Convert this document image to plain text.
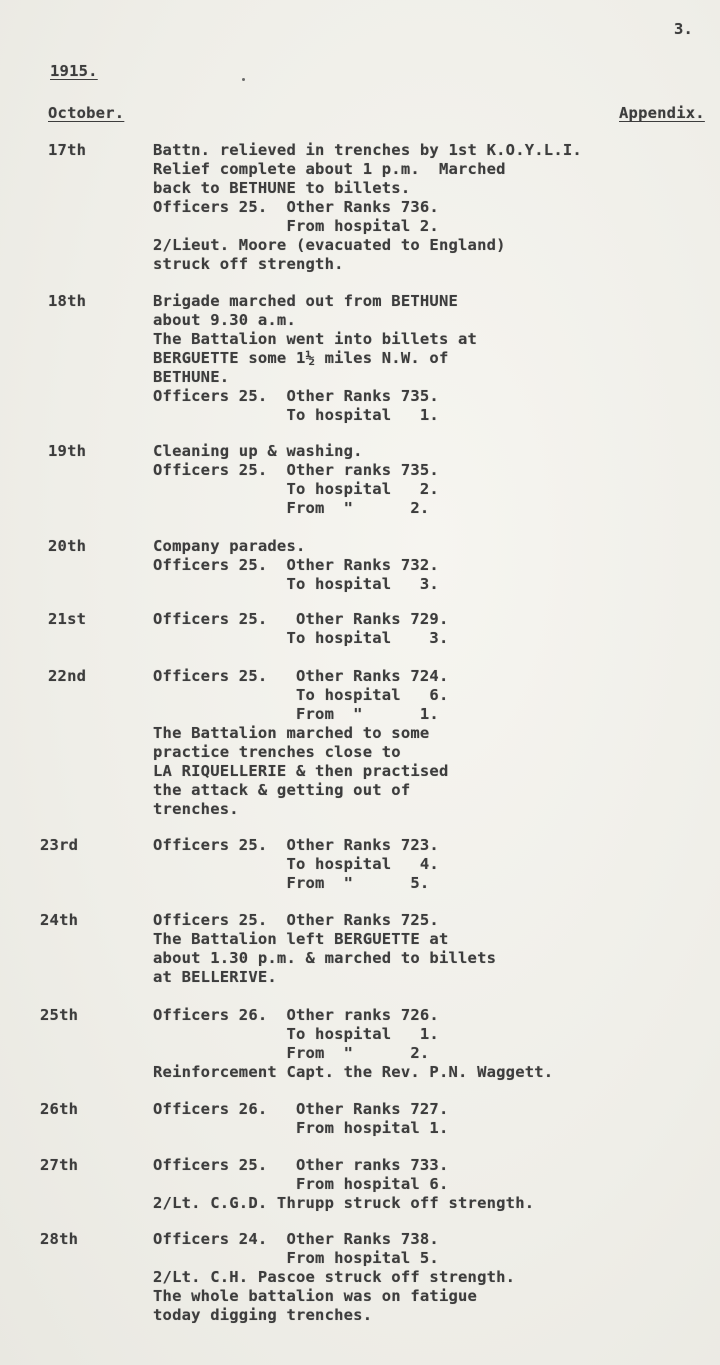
3.
1915.
October.	Appendix.
17th	Battn. relieved in trenches by 1st K.O.Y.L.I.
Relief complete about 1 p.m.  Marched
back to BETHUNE to billets.
Officers 25.  Other Ranks 736.
From hospital 2.
2/Lieut. Moore (evacuated to England)
struck off strength.
18th	Brigade marched out from BETHUNE
about 9.30 a.m.
The Battalion went into billets at
BERGUETTE some 1½ miles N.W. of
BETHUNE.
Officers 25.  Other Ranks 735.
To hospital   1.
19th	Cleaning up & washing.
Officers 25.  Other ranks 735.
To hospital   2.
From  "      2.
20th	Company parades.
Officers 25.  Other Ranks 732.
To hospital   3.
21st	Officers 25.   Other Ranks 729.
To hospital    3.
22nd	Officers 25.   Other Ranks 724.
To hospital   6.
From  "      1.
The Battalion marched to some
practice trenches close to
LA RIQUELLERIE & then practised
the attack & getting out of
trenches.
23rd	Officers 25.  Other Ranks 723.
To hospital   4.
From  "      5.
24th	Officers 25.  Other Ranks 725.
The Battalion left BERGUETTE at
about 1.30 p.m. & marched to billets
at BELLERIVE.
25th	Officers 26.  Other ranks 726.
To hospital   1.
From  "      2.
Reinforcement Capt. the Rev. P.N. Waggett.
26th	Officers 26.   Other Ranks 727.
From hospital 1.
27th	Officers 25.   Other ranks 733.
From hospital 6.
2/Lt. C.G.D. Thrupp struck off strength.
28th	Officers 24.  Other Ranks 738.
From hospital 5.
2/Lt. C.H. Pascoe struck off strength.
The whole battalion was on fatigue
today digging trenches.
